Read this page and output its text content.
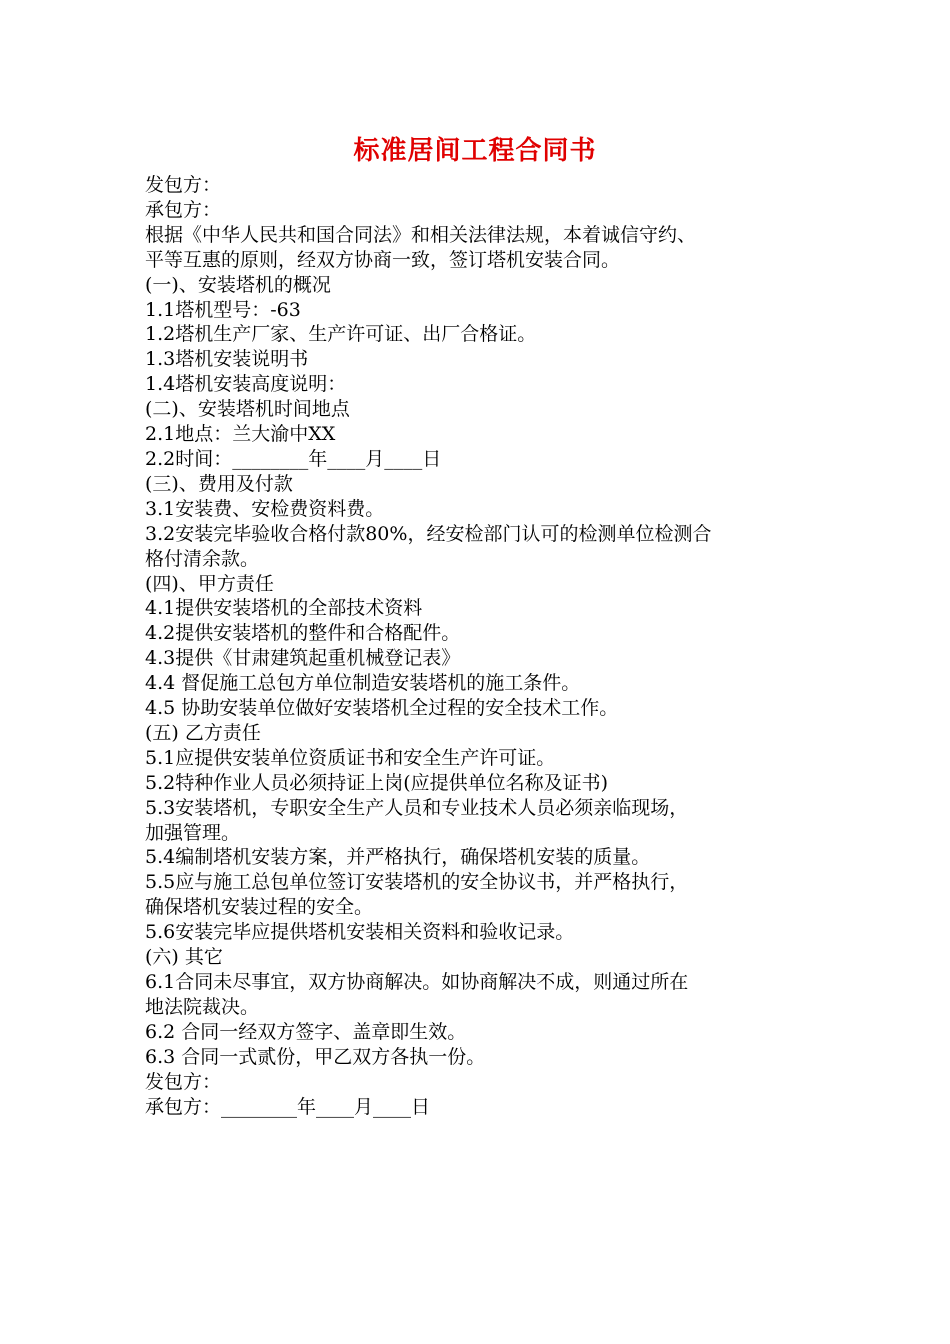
标准居间工程合同书
发包方：
承包方：
根据《中华人民共和国合同法》和相关法律法规，本着诚信守约、
平等互惠的原则，经双方协商一致，签订塔机安装合同。
(一)、安装塔机的概况
1.1塔机型号：-63
1.2塔机生产厂家、生产许可证、出厂合格证。
1.3塔机安装说明书
1.4塔机安装高度说明：
(二)、安装塔机时间地点
2.1地点：兰大渝中XX
2.2时间：________年____月____日
(三)、费用及付款
3.1安装费、安检费资料费。
3.2安装完毕验收合格付款80%，经安检部门认可的检测单位检测合
格付清余款。
(四)、甲方责任
4.1提供安装塔机的全部技术资料
4.2提供安装塔机的整件和合格配件。
4.3提供《甘肃建筑起重机械登记表》
4.4 督促施工总包方单位制造安装塔机的施工条件。
4.5 协助安装单位做好安装塔机全过程的安全技术工作。
(五) 乙方责任
5.1应提供安装单位资质证书和安全生产许可证。
5.2特种作业人员必须持证上岗(应提供单位名称及证书)
5.3安装塔机，专职安全生产人员和专业技术人员必须亲临现场，
加强管理。
5.4编制塔机安装方案，并严格执行，确保塔机安装的质量。
5.5应与施工总包单位签订安装塔机的安全协议书，并严格执行，
确保塔机安装过程的安全。
5.6安装完毕应提供塔机安装相关资料和验收记录。
(六) 其它
6.1合同未尽事宜，双方协商解决。如协商解决不成，则通过所在
地法院裁决。
6.2 合同一经双方签字、盖章即生效。
6.3 合同一式贰份，甲乙双方各执一份。
发包方：
承包方：________年____月____日
